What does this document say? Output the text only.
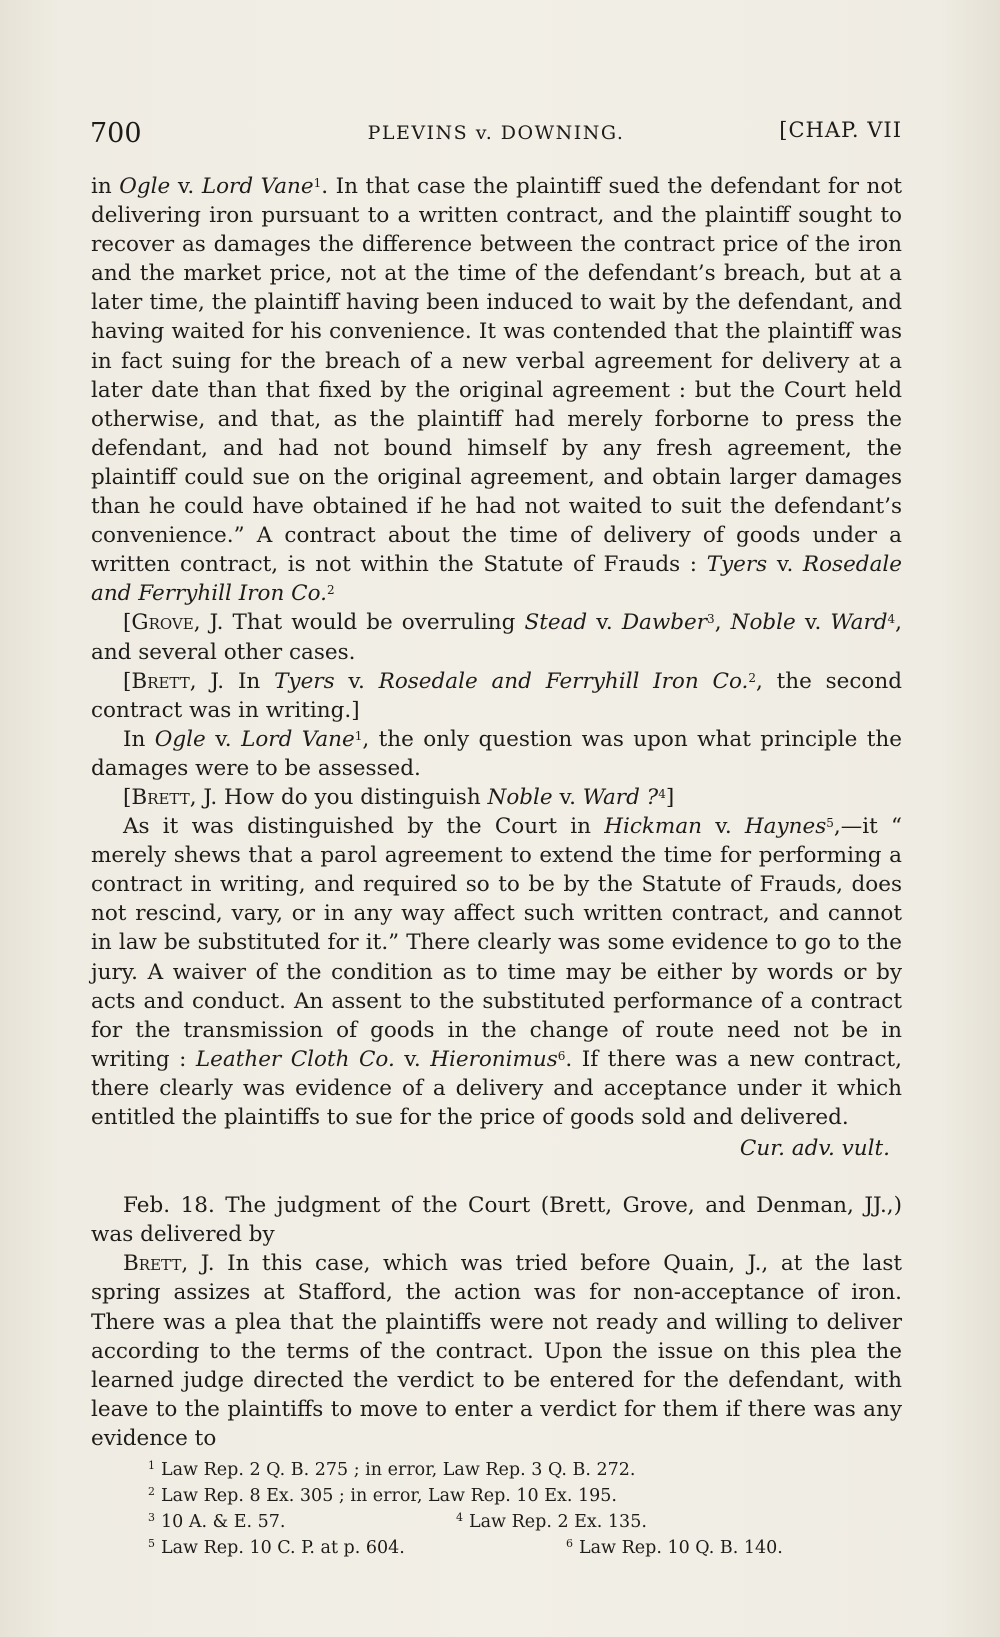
700	PLEVINS v. DOWNING.	[CHAP. VII

in Ogle v. Lord Vane$^1$. In that case the plaintiff sued the defendant for not delivering iron pursuant to a written contract, and the plaintiff sought to recover as damages the difference between the contract price of the iron and the market price, not at the time of the defendant’s breach, but at a later time, the plaintiff having been induced to wait by the defendant, and having waited for his convenience. It was contended that the plaintiff was in fact suing for the breach of a new verbal agreement for delivery at a later date than that fixed by the original agreement : but the Court held otherwise, and that, as the plaintiff had merely forborne to press the defendant, and had not bound himself by any fresh agreement, the plaintiff could sue on the original agreement, and obtain larger damages than he could have obtained if he had not waited to suit the defendant’s convenience.” A contract about the time of delivery of goods under a written contract, is not within the Statute of Frauds : Tyers v. Rosedale and Ferryhill Iron Co.$^2$

[Grove, J. That would be overruling Stead v. Dawber$^3$, Noble v. Ward$^4$, and several other cases.

[Brett, J. In Tyers v. Rosedale and Ferryhill Iron Co.$^2$, the second contract was in writing.]

In Ogle v. Lord Vane$^1$, the only question was upon what principle the damages were to be assessed.

[Brett, J. How do you distinguish Noble v. Ward ?$^4$]

As it was distinguished by the Court in Hickman v. Haynes$^5$,—it “ merely shews that a parol agreement to extend the time for performing a contract in writing, and required so to be by the Statute of Frauds, does not rescind, vary, or in any way affect such written contract, and cannot in law be substituted for it.” There clearly was some evidence to go to the jury. A waiver of the condition as to time may be either by words or by acts and conduct. An assent to the substituted performance of a contract for the transmission of goods in the change of route need not be in writing : Leather Cloth Co. v. Hieronimus$^6$. If there was a new contract, there clearly was evidence of a delivery and acceptance under it which entitled the plaintiffs to sue for the price of goods sold and delivered.

Cur. adv. vult.

Feb. 18. The judgment of the Court (Brett, Grove, and Denman, JJ.,) was delivered by

Brett, J. In this case, which was tried before Quain, J., at the last spring assizes at Stafford, the action was for non-acceptance of iron. There was a plea that the plaintiffs were not ready and willing to deliver according to the terms of the contract. Upon the issue on this plea the learned judge directed the verdict to be entered for the defendant, with leave to the plaintiffs to move to enter a verdict for them if there was any evidence to

$^1$ Law Rep. 2 Q. B. 275 ; in error, Law Rep. 3 Q. B. 272.
$^2$ Law Rep. 8 Ex. 305 ; in error, Law Rep. 10 Ex. 195.
$^3$ 10 A. & E. 57.	$^4$ Law Rep. 2 Ex. 135.
$^5$ Law Rep. 10 C. P. at p. 604.	$^6$ Law Rep. 10 Q. B. 140.
